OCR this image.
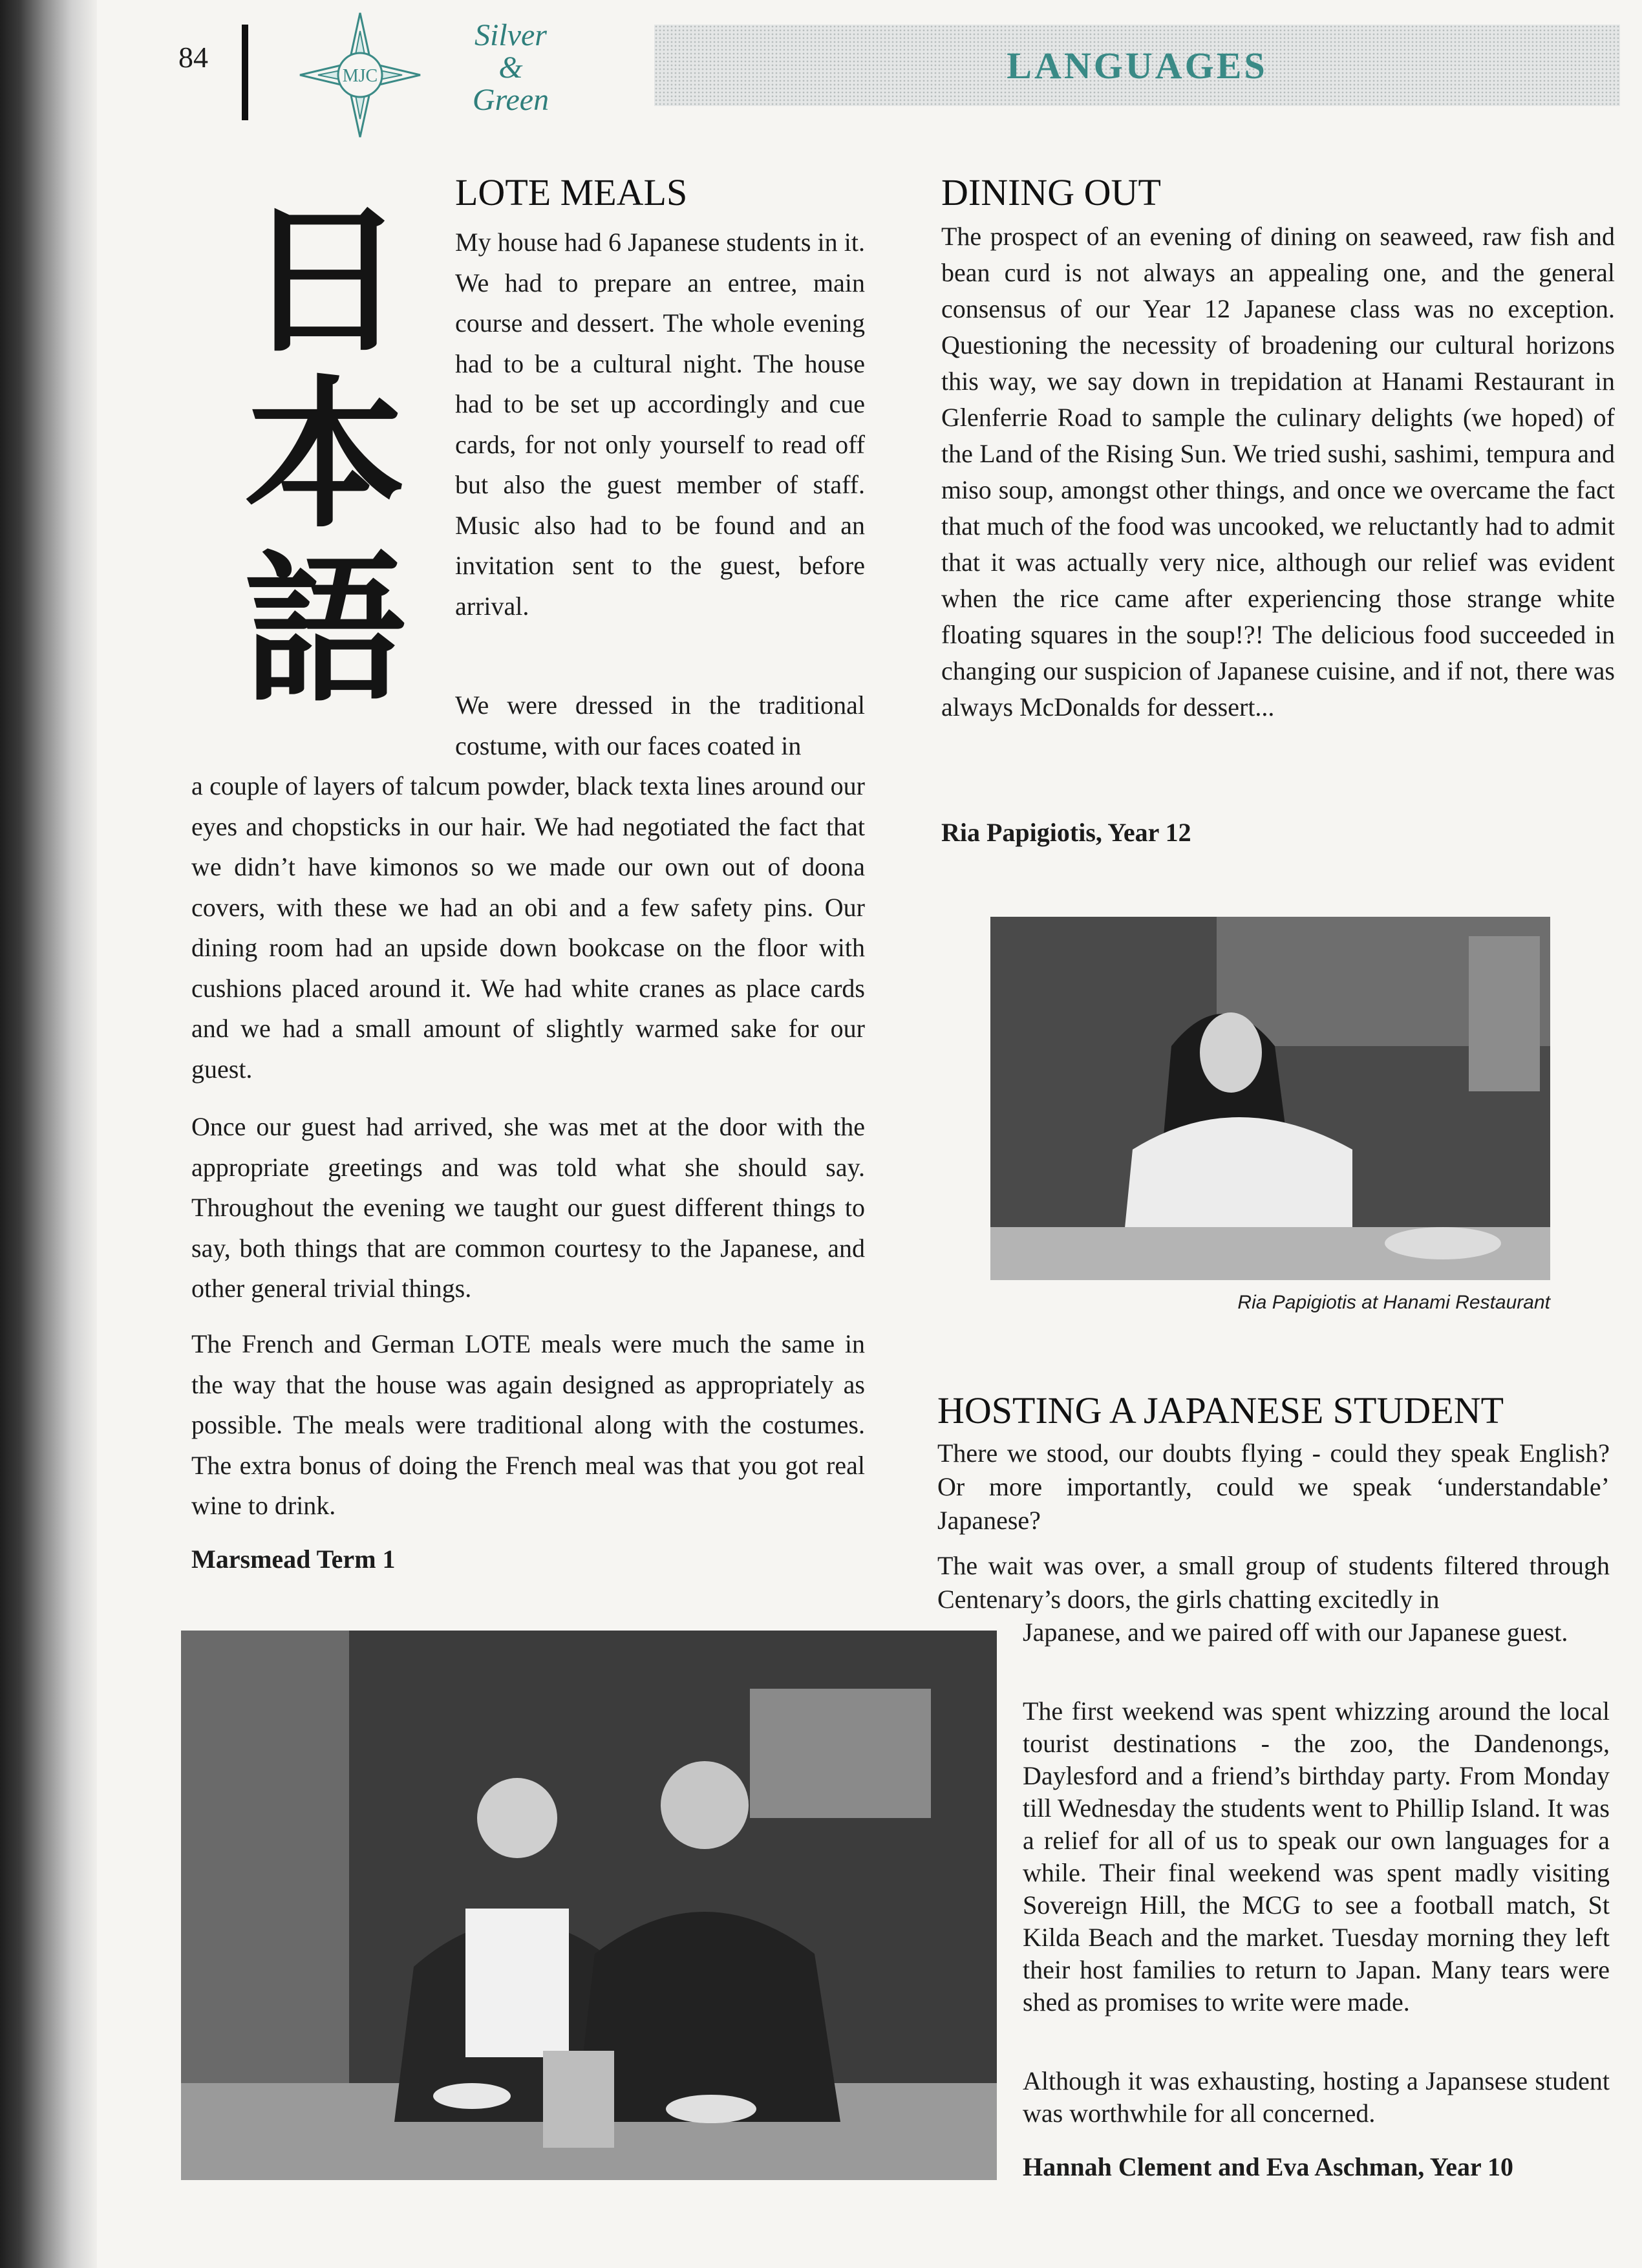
84
MJC
Silver
&
Green
LANGUAGES
日
本
語
LOTE MEALS

My house had 6 Japanese students in it. We had to prepare an entree, main course and dessert. The whole evening had to be a cultural night. The house had to be set up accordingly and cue cards, for not only yourself to read off but also the guest member of staff. Music also had to be found and an invitation sent to the guest, before arrival.

We were dressed in the traditional costume, with our faces coated in

a couple of layers of talcum powder, black texta lines around our eyes and chopsticks in our hair. We had negotiated the fact that we didn’t have kimonos so we made our own out of doona covers, with these we had an obi and a few safety pins. Our dining room had an upside down bookcase on the floor with cushions placed around it. We had white cranes as place cards and we had a small amount of slightly warmed sake for our guest.

Once our guest had arrived, she was met at the door with the appropriate greetings and was told what she should say. Throughout the evening we taught our guest different things to say, both things that are common courtesy to the Japanese, and other general trivial things.

The French and German LOTE meals were much the same in the way that the house was again designed as appropriately as possible. The meals were traditional along with the costumes. The extra bonus of doing the French meal was that you got real wine to drink.

Marsmead Term 1
DINING OUT

The prospect of an evening of dining on seaweed, raw fish and bean curd is not always an appealing one, and the general consensus of our Year 12 Japanese class was no exception. Questioning the necessity of broadening our cultural horizons this way, we say down in trepidation at Hanami Restaurant in Glenferrie Road to sample the culinary delights (we hoped) of the Land of the Rising Sun. We tried sushi, sashimi, tempura and miso soup, amongst other things, and once we overcame the fact that much of the food was uncooked, we reluctantly had to admit that it was actually very nice, although our relief was evident when the rice came after experiencing those strange white floating squares in the soup!?! The delicious food succeeded in changing our suspicion of Japanese cuisine, and if not, there was always McDonalds for dessert...

Ria Papigiotis, Year 12
Ria Papigiotis at Hanami Restaurant
HOSTING A JAPANESE STUDENT

There we stood, our doubts flying - could they speak English? Or more importantly, could we speak ‘understandable’ Japanese?

The wait was over, a small group of students filtered through Centenary’s doors, the girls chatting excitedly in

Japanese, and we paired off with our Japanese guest.

The first weekend was spent whizzing around the local tourist destinations - the zoo, the Dandenongs, Daylesford and a friend’s birthday party. From Monday till Wednesday the students went to Phillip Island. It was a relief for all of us to speak our own languages for a while. Their final weekend was spent madly visiting Sovereign Hill, the MCG to see a football match, St Kilda Beach and the market. Tuesday morning they left their host families to return to Japan. Many tears were shed as promises to write were made.

Although it was exhausting, hosting a Japansese student was worthwhile for all concerned.

Hannah Clement and Eva Aschman, Year 10
